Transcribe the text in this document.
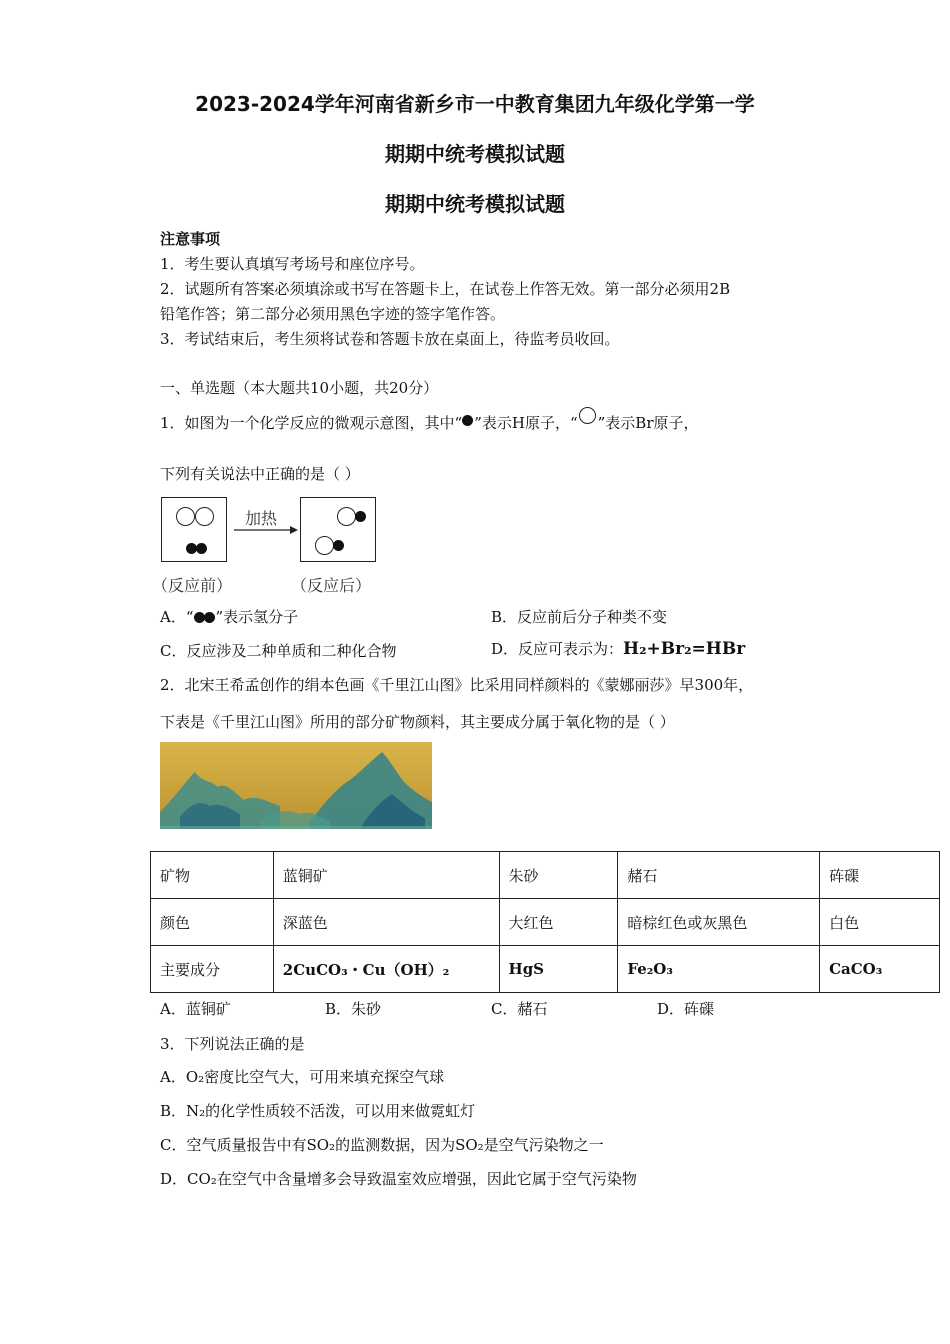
2023-2024学年河南省新乡市一中教育集团九年级化学第一学
期期中统考模拟试题
期期中统考模拟试题
注意事项
1．考生要认真填写考场号和座位序号。
2．试题所有答案必须填涂或书写在答题卡上，在试卷上作答无效。第一部分必须用2B
铅笔作答；第二部分必须用黑色字迹的签字笔作答。
3．考试结束后，考生须将试卷和答题卡放在桌面上，待监考员收回。
一、单选题（本大题共10小题，共20分）
1．如图为一个化学反应的微观示意图，其中“ ”表示H原子，“ ”表示Br原子，
下列有关说法中正确的是（ ）
加热
（反应前）	（反应后）
A．“ ”表示氢分子	B．反应前后分子种类不变
C．反应涉及二种单质和二种化合物	D．反应可表示为：H₂+Br₂=HBr
2．北宋王希孟创作的绢本色画《千里江山图》比采用同样颜料的《蒙娜丽莎》早300年，
下表是《千里江山图》所用的部分矿物颜料，其主要成分属于氧化物的是（ ）
矿物	蓝铜矿	朱砂	赭石	砗磲
颜色	深蓝色	大红色	暗棕红色或灰黑色	白色
主要成分	2CuCO₃・Cu（OH）₂	HgS	Fe₂O₃	CaCO₃
A．蓝铜矿	B．朱砂	C．赭石	D．砗磲
3．下列说法正确的是
A．O₂密度比空气大，可用来填充探空气球
B．N₂的化学性质较不活泼，可以用来做霓虹灯
C．空气质量报告中有SO₂的监测数据，因为SO₂是空气污染物之一
D．CO₂在空气中含量增多会导致温室效应增强，因此它属于空气污染物
